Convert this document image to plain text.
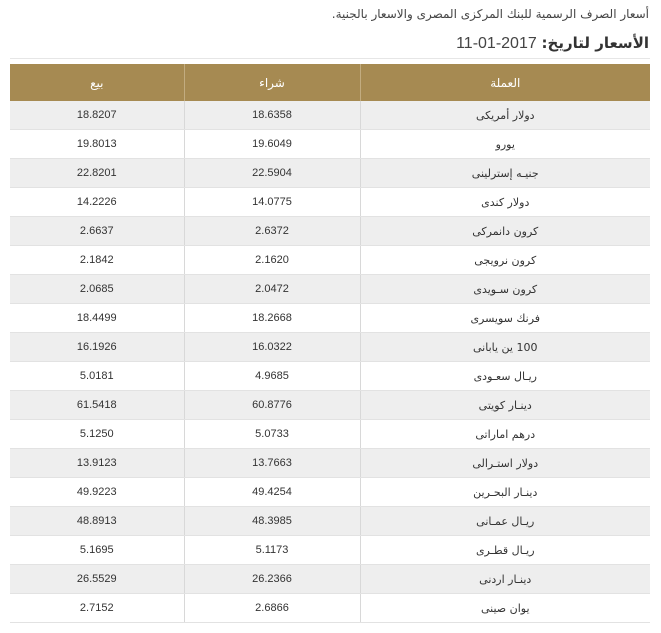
أسعار الصرف الرسمية للبنك المركزى المصرى والاسعار بالجنية.
الأسعار لتاريخ: 2017-01-11
العملة	شراء	بيع
دولار أمريكى	18.6358	18.8207
يورو	19.6049	19.8013
جنيـه إسترلينى	22.5904	22.8201
دولار كندى	14.0775	14.2226
كرون دانمركى	2.6372	2.6637
كرون نرويجى	2.1620	2.1842
كرون سـويدى	2.0472	2.0685
فرنك سويسرى	18.2668	18.4499
100 ين يابانى	16.0322	16.1926
ريـال سعـودى	4.9685	5.0181
دينـار كويتى	60.8776	61.5418
درهم اماراتى	5.0733	5.1250
دولار استـرالى	13.7663	13.9123
دينـار البحـرين	49.4254	49.9223
ريـال عمـانى	48.3985	48.8913
ريـال قطـرى	5.1173	5.1695
دينـار اردنى	26.2366	26.5529
يوان صينى	2.6866	2.7152
